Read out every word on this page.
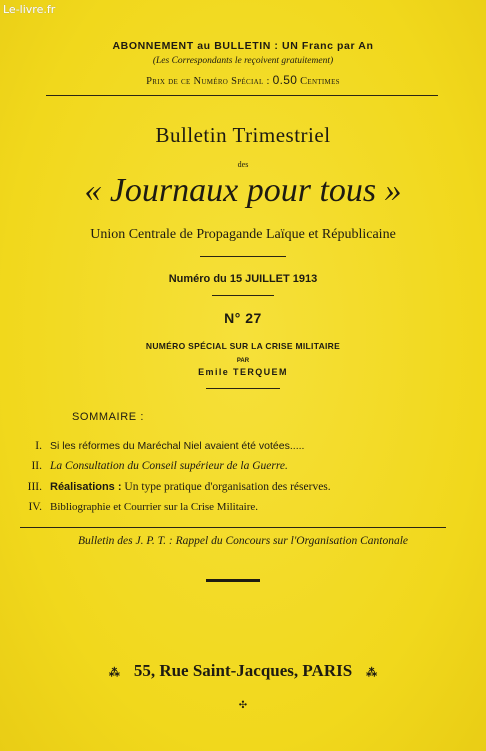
Le-livre.fr
ABONNEMENT au BULLETIN : UN Franc par An
(Les Correspondants le reçoivent gratuitement)
Prix de ce Numéro Spécial : 0.50 Centimes
Bulletin Trimestriel
des
« Journaux pour tous »
Union Centrale de Propagande Laïque et Républicaine
Numéro du 15 JUILLET 1913
N° 27
NUMÉRO SPÉCIAL SUR LA CRISE MILITAIRE
PAR
Emile TERQUEM
SOMMAIRE :
I. Si les réformes du Maréchal Niel avaient été votées.....
II. La Consultation du Conseil supérieur de la Guerre.
III. Réalisations : Un type pratique d'organisation des réserves.
IV. Bibliographie et Courrier sur la Crise Militaire.
Bulletin des J. P. T. : Rappel du Concours sur l'Organisation Cantonale
⁂ 55, Rue Saint-Jacques, PARIS ⁂
✣
